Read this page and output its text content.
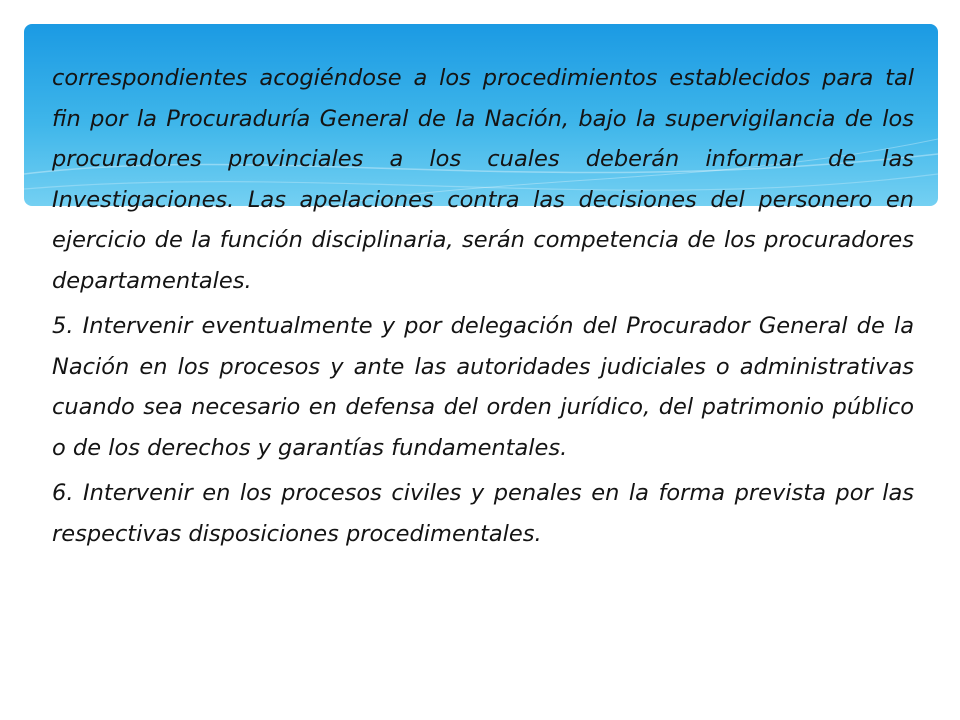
correspondientes acogiéndose a los procedimientos establecidos para tal fin por la Procuraduría General de la Nación, bajo la supervigilancia de los procuradores provinciales a los cuales deberán informar de las Investigaciones. Las apelaciones contra las decisiones del personero en ejercicio de la función disciplinaria, serán competencia de los procuradores departamentales.

5. Intervenir eventualmente y por delegación del Procurador General de la Nación en los procesos y ante las autoridades judiciales o administrativas cuando sea necesario en defensa del orden jurídico, del patrimonio público o de los derechos y garantías fundamentales.

6. Intervenir en los procesos civiles y penales en la forma prevista por las respectivas disposiciones procedimentales.
